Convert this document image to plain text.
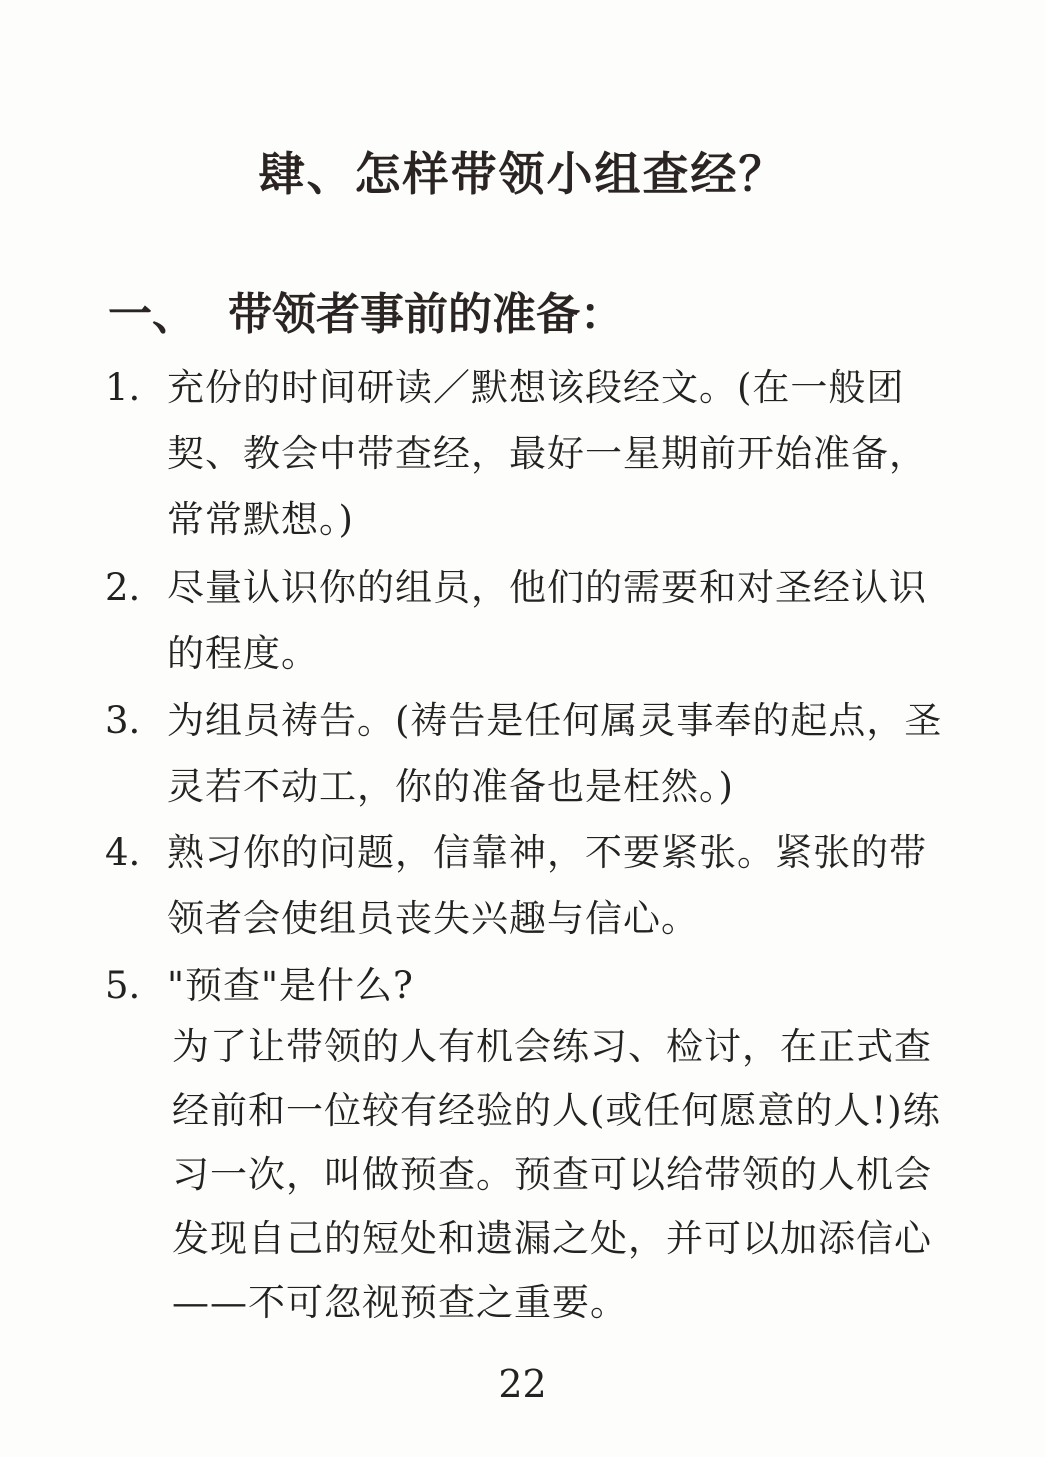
肆、怎样带领小组查经？
一、 带领者事前的准备：
1. 充份的时间研读／默想该段经文。(在一般团契、教会中带查经，最好一星期前开始准备，常常默想。)
2. 尽量认识你的组员，他们的需要和对圣经认识的程度。
3. 为组员祷告。(祷告是任何属灵事奉的起点，圣灵若不动工，你的准备也是枉然。)
4. 熟习你的问题，信靠神，不要紧张。紧张的带领者会使组员丧失兴趣与信心。
5. "预查"是什么?
为了让带领的人有机会练习、检讨，在正式查经前和一位较有经验的人(或任何愿意的人!)练习一次，叫做预查。预查可以给带领的人机会发现自己的短处和遗漏之处，并可以加添信心——不可忽视预查之重要。
22
